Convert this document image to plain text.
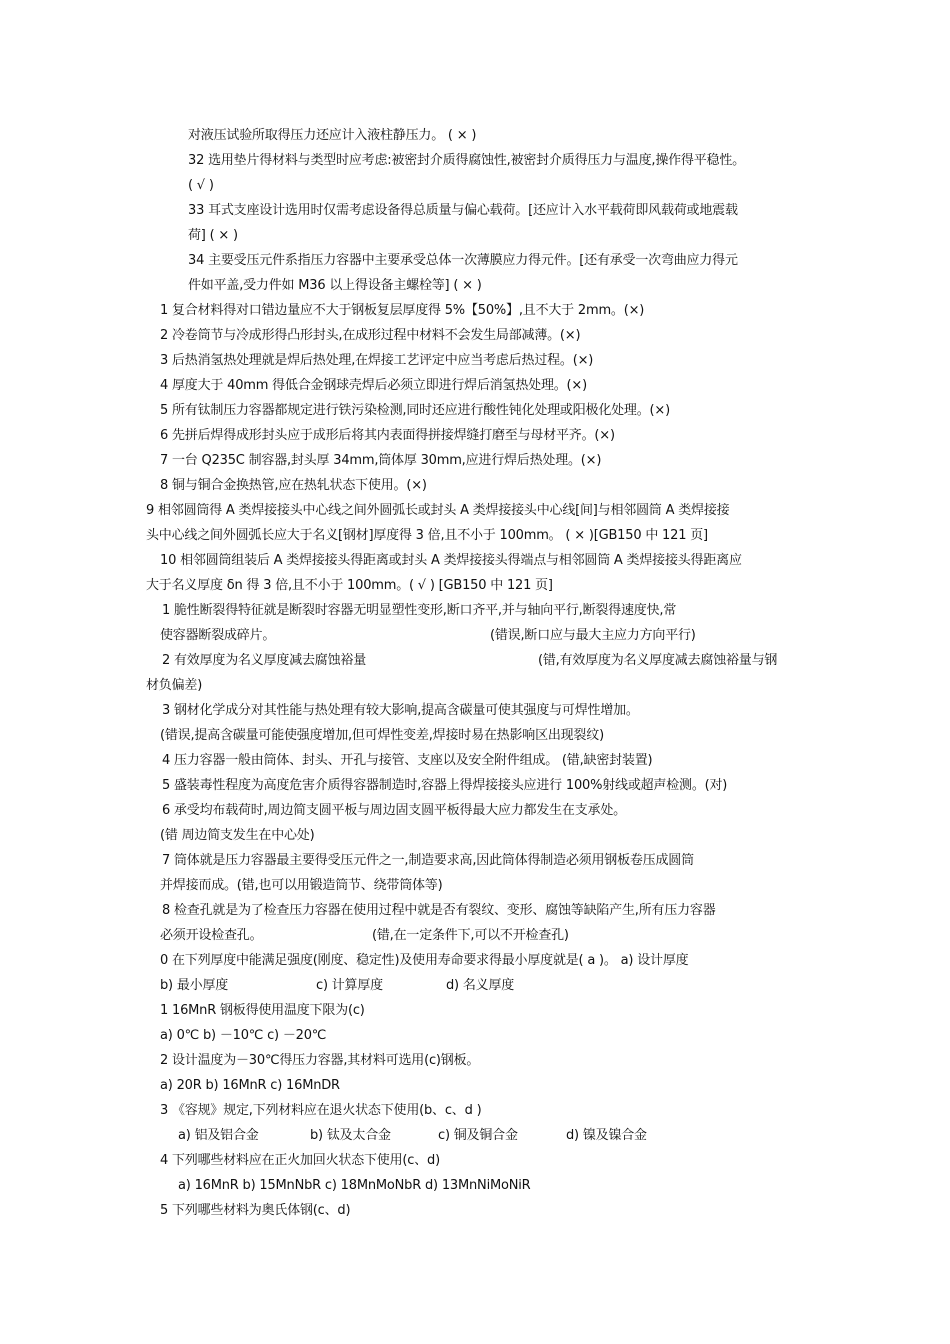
对液压试验所取得压力还应计入液柱静压力。 ( × )
32 选用垫片得材料与类型时应考虑:被密封介质得腐蚀性,被密封介质得压力与温度,操作得平稳性。
( √ )
33 耳式支座设计选用时仅需考虑设备得总质量与偏心载荷。[还应计入水平载荷即风载荷或地震载
荷] ( × )
34 主要受压元件系指压力容器中主要承受总体一次薄膜应力得元件。[还有承受一次弯曲应力得元
件如平盖,受力件如 M36 以上得设备主螺栓等] ( × )
1 复合材料得对口错边量应不大于钢板复层厚度得 5%【50%】,且不大于 2mm。(×)
2 冷卷筒节与冷成形得凸形封头,在成形过程中材料不会发生局部减薄。(×)
3 后热消氢热处理就是焊后热处理,在焊接工艺评定中应当考虑后热过程。(×)
4 厚度大于 40mm 得低合金钢球壳焊后必须立即进行焊后消氢热处理。(×)
5 所有钛制压力容器都规定进行铁污染检测,同时还应进行酸性钝化处理或阳极化处理。(×)
6 先拼后焊得成形封头应于成形后将其内表面得拼接焊缝打磨至与母材平齐。(×)
7 一台 Q235C 制容器,封头厚 34mm,筒体厚 30mm,应进行焊后热处理。(×)
8 铜与铜合金换热管,应在热轧状态下使用。(×)
9 相邻圆筒得 A 类焊接接头中心线之间外圆弧长或封头 A 类焊接接头中心线[间]与相邻圆筒 A 类焊接接
头中心线之间外圆弧长应大于名义[钢材]厚度得 3 倍,且不小于 100mm。 ( × )[GB150 中 121 页]
10 相邻圆筒组装后 A 类焊接接头得距离或封头 A 类焊接接头得端点与相邻圆筒 A 类焊接接头得距离应
大于名义厚度 δn 得 3 倍,且不小于 100mm。( √ ) [GB150 中 121 页]
1 脆性断裂得特征就是断裂时容器无明显塑性变形,断口齐平,并与轴向平行,断裂得速度快,常
使容器断裂成碎片。	(错误,断口应与最大主应力方向平行)
2 有效厚度为名义厚度减去腐蚀裕量	(错,有效厚度为名义厚度减去腐蚀裕量与钢
材负偏差)
3 钢材化学成分对其性能与热处理有较大影响,提高含碳量可使其强度与可焊性增加。
(错误,提高含碳量可能使强度增加,但可焊性变差,焊接时易在热影响区出现裂纹)
4 压力容器一般由筒体、封头、开孔与接管、支座以及安全附件组成。 (错,缺密封装置)
5 盛装毒性程度为高度危害介质得容器制造时,容器上得焊接接头应进行 100%射线或超声检测。(对)
6 承受均布载荷时,周边简支圆平板与周边固支圆平板得最大应力都发生在支承处。
(错 周边简支发生在中心处)
7 筒体就是压力容器最主要得受压元件之一,制造要求高,因此筒体得制造必须用钢板卷压成圆筒
并焊接而成。(错,也可以用锻造筒节、绕带筒体等)
8 检查孔就是为了检查压力容器在使用过程中就是否有裂纹、变形、腐蚀等缺陷产生,所有压力容器
必须开设检查孔。	(错,在一定条件下,可以不开检查孔)
0 在下列厚度中能满足强度(刚度、稳定性)及使用寿命要求得最小厚度就是( a )。 a) 设计厚度
b) 最小厚度	c) 计算厚度	d) 名义厚度
1 16MnR 钢板得使用温度下限为(c)
a) 0℃ b) －10℃ c) －20℃
2 设计温度为－30℃得压力容器,其材料可选用(c)钢板。
a) 20R b) 16MnR c) 16MnDR
3 《容规》规定,下列材料应在退火状态下使用(b、c、d )
a) 铝及铝合金	b) 钛及太合金	c) 铜及铜合金	d) 镍及镍合金
4 下列哪些材料应在正火加回火状态下使用(c、d)
a) 16MnR b) 15MnNbR c) 18MnMoNbR d) 13MnNiMoNiR
5 下列哪些材料为奥氏体钢(c、d)
